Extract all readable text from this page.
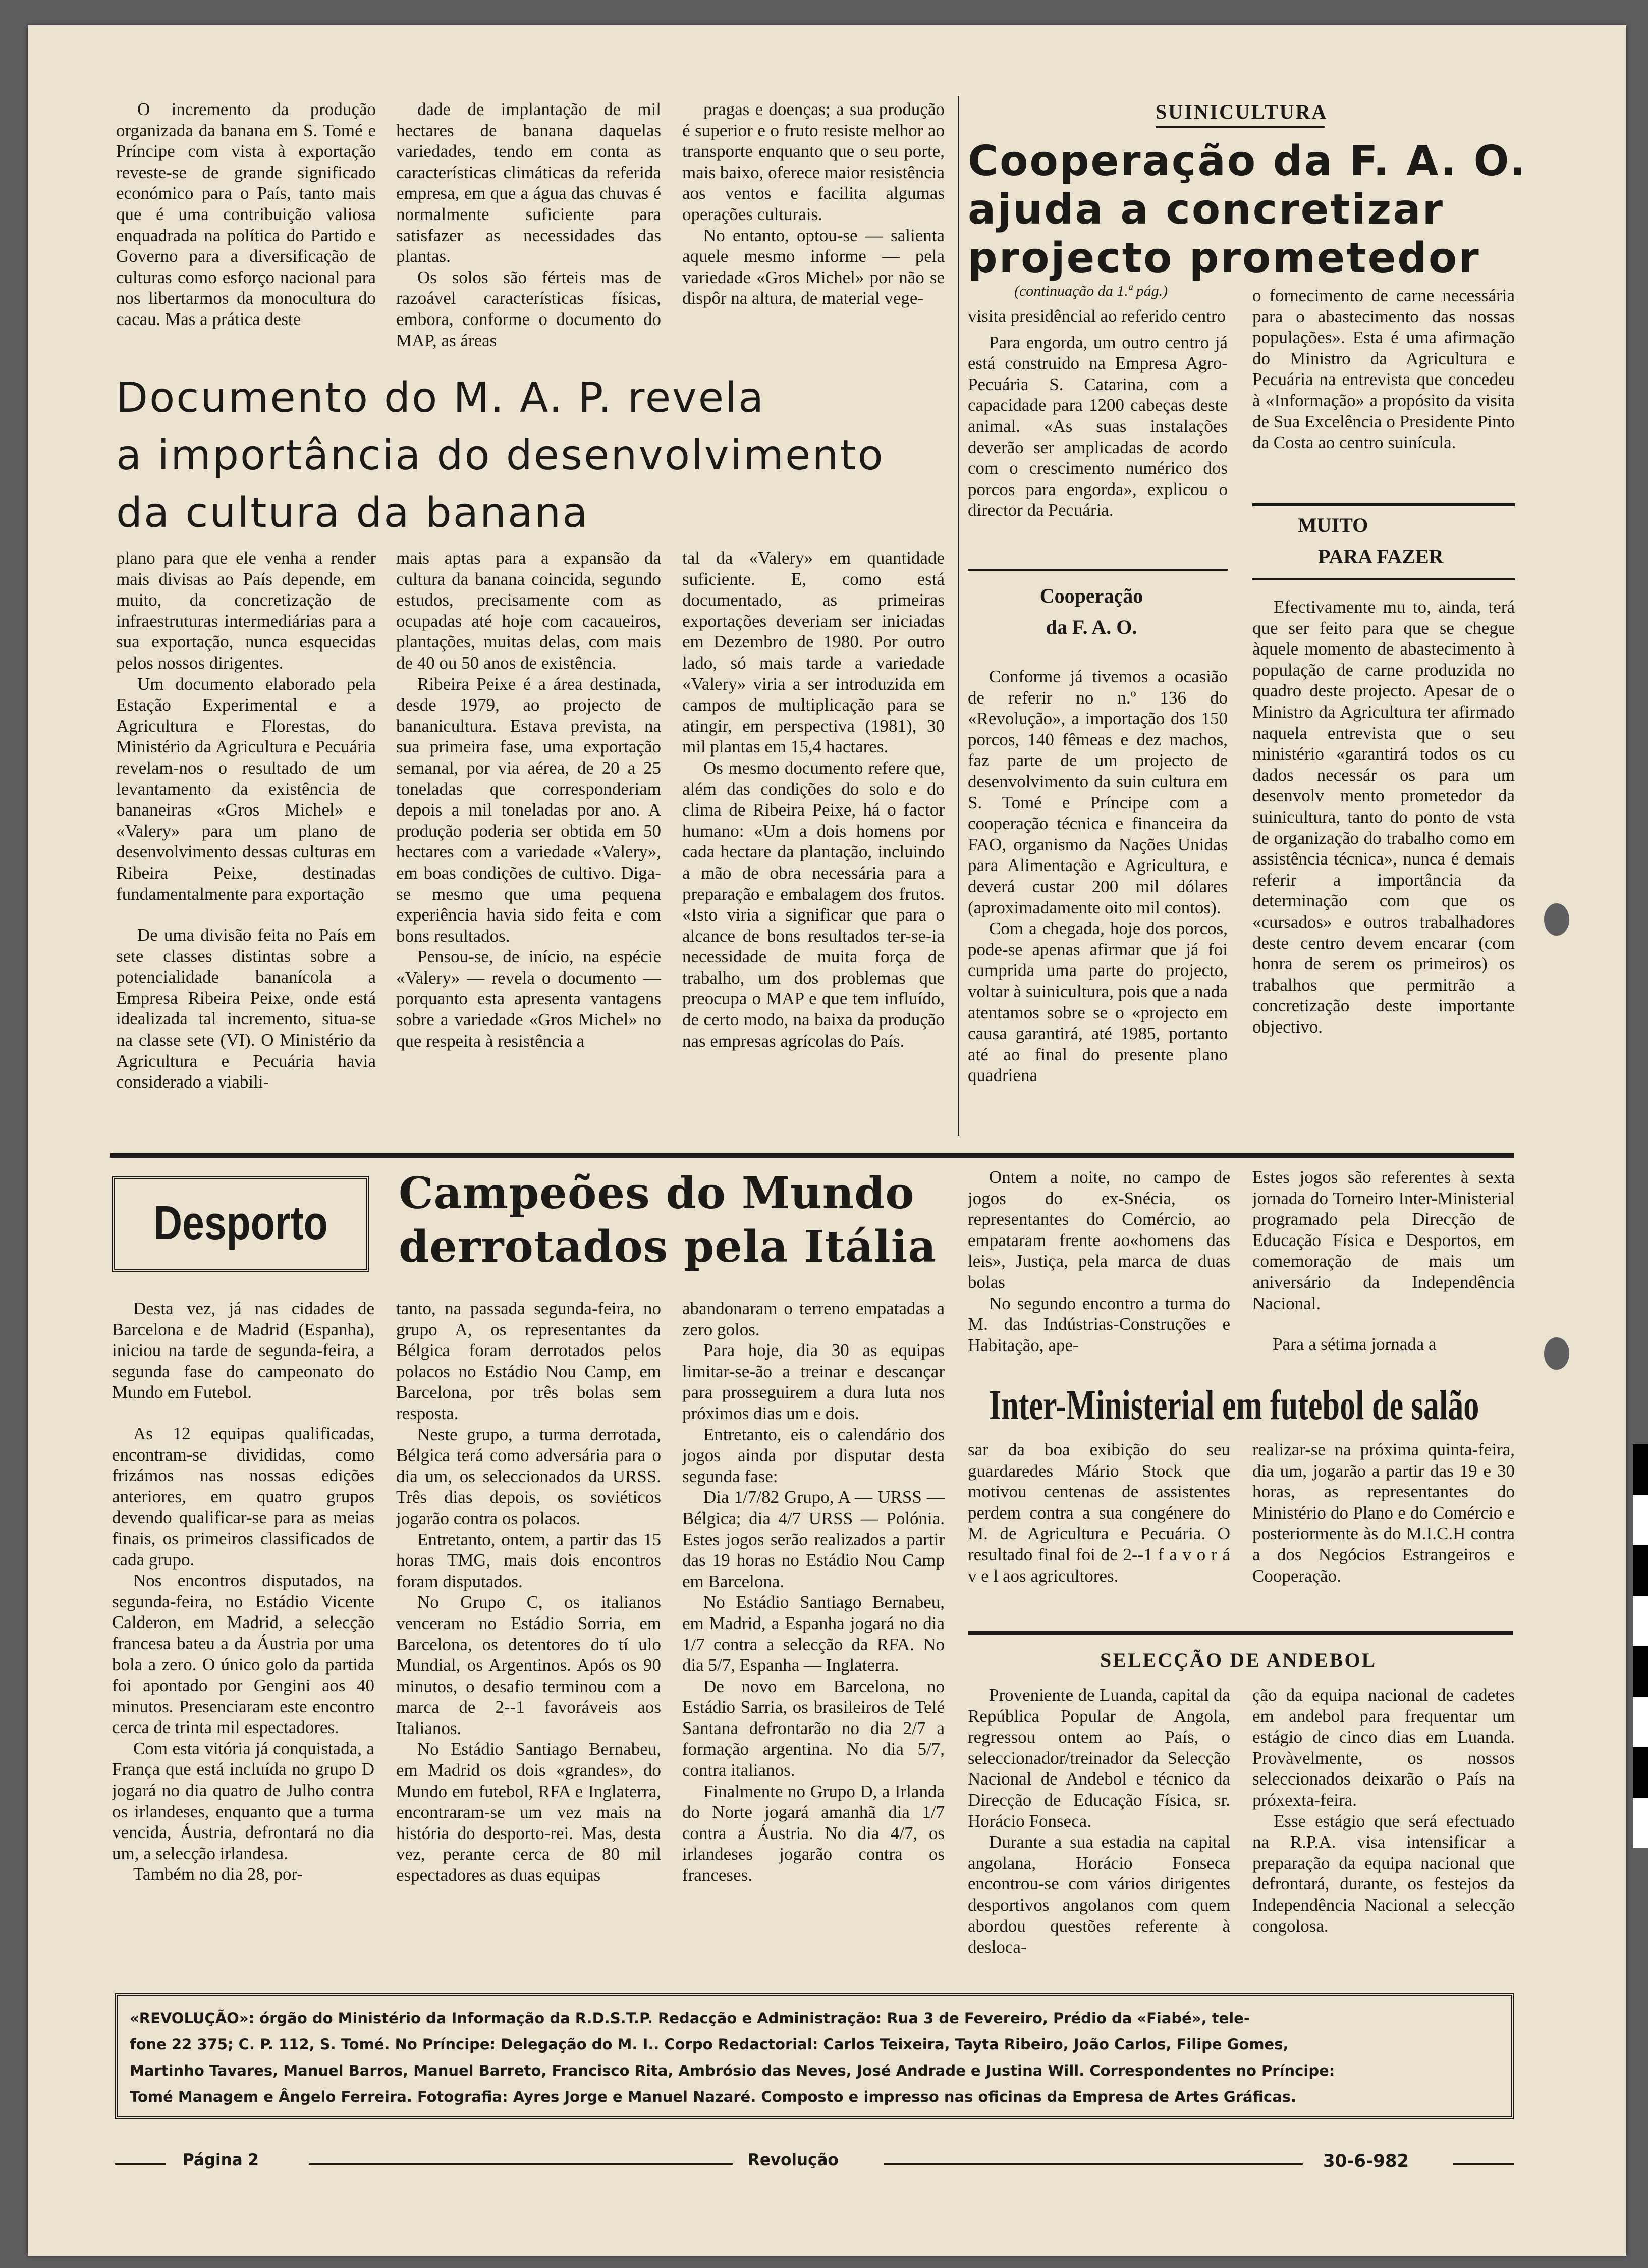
O incremento da produção organizada da banana em S. Tomé e Príncipe com vista à exportação reveste-se de grande significado económico para o País, tanto mais que é uma contribuição valiosa enquadrada na política do Partido e Governo para a diversificação de culturas como esforço nacional para nos libertarmos da monocultura do cacau. Mas a prática deste

dade de implantação de mil hectares de banana daquelas variedades, tendo em conta as características climáticas da referida empresa, em que a água das chuvas é normalmente suficiente para satisfazer as necessidades das plantas.

Os solos são férteis mas de razoável características físicas, embora, conforme o documento do MAP, as áreas

pragas e doenças; a sua produção é superior e o fruto resiste melhor ao transporte enquanto que o seu porte, mais baixo, oferece maior resistência aos ventos e facilita algumas operações culturais.

No entanto, optou-se — salienta aquele mesmo informe — pela variedade «Gros Michel» por não se dispôr na altura, de material vege-

Documento do M. A. P. revela
a importância do desenvolvimento
da cultura da banana

plano para que ele venha a render mais divisas ao País depende, em muito, da concretização de infraestruturas intermediárias para a sua exportação, nunca esquecidas pelos nossos dirigentes.

Um documento elaborado pela Estação Experimental e a Agricultura e Florestas, do Ministério da Agricultura e Pecuária revelam-nos o resultado de um levantamento da existência de bananeiras «Gros Michel» e «Valery» para um plano de desenvolvimento dessas culturas em Ribeira Peixe, destinadas fundamentalmente para exportação

De uma divisão feita no País em sete classes distintas sobre a potencialidade bananícola a Empresa Ribeira Peixe, onde está idealizada tal incremento, situa-se na classe sete (VI). O Ministério da Agricultura e Pecuária havia considerado a viabili-

mais aptas para a expansão da cultura da banana coincida, segundo estudos, precisamente com as ocupadas até hoje com cacaueiros, plantações, muitas delas, com mais de 40 ou 50 anos de existência.

Ribeira Peixe é a área destinada, desde 1979, ao projecto de bananicultura. Estava prevista, na sua primeira fase, uma exportação semanal, por via aérea, de 20 a 25 toneladas que corresponderiam depois a mil toneladas por ano. A produção poderia ser obtida em 50 hectares com a variedade «Valery», em boas condições de cultivo. Diga-se mesmo que uma pequena experiência havia sido feita e com bons resultados.

Pensou-se, de início, na espécie «Valery» — revela o documento — porquanto esta apresenta vantagens sobre a variedade «Gros Michel» no que respeita à resistência a

tal da «Valery» em quantidade suficiente. E, como está documentado, as primeiras exportações deveriam ser iniciadas em Dezembro de 1980. Por outro lado, só mais tarde a variedade «Valery» viria a ser introduzida em campos de multiplicação para se atingir, em perspectiva (1981), 30 mil plantas em 15,4 hactares.

Os mesmo documento refere que, além das condições do solo e do clima de Ribeira Peixe, há o factor humano: «Um a dois homens por cada hectare da plantação, incluindo a mão de obra necessária para a preparação e embalagem dos frutos. «Isto viria a significar que para o alcance de bons resultados ter-se-ia necessidade de muita força de trabalho, um dos problemas que preocupa o MAP e que tem influído, de certo modo, na baixa da produção nas empresas agrícolas do País.

SUINICULTURA
Cooperação da F. A. O.
ajuda a concretizar
projecto prometedor
(continuação da 1.ª pág.)

visita presidêncial ao referido centro

Para engorda, um outro centro já está construido na Empresa Agro-Pecuária S. Catarina, com a capacidade para 1200 cabeças deste animal. «As suas instalações deverão ser amplicadas de acordo com o crescimento numérico dos porcos para engorda», explicou o director da Pecuária.

Cooperação
da F. A. O.

Conforme já tivemos a ocasião de referir no n.º 136 do «Revolução», a importação dos 150 porcos, 140 fêmeas e dez machos, faz parte de um projecto de desenvolvimento da suin cultura em S. Tomé e Príncipe com a cooperação técnica e financeira da FAO, organismo da Nações Unidas para Alimentação e Agricultura, e deverá custar 200 mil dólares (aproximadamente oito mil contos).

Com a chegada, hoje dos porcos, pode-se apenas afirmar que já foi cumprida uma parte do projecto, voltar à suinicultura, pois que a nada atentamos sobre se o «projecto em causa garantirá, até 1985, portanto até ao final do presente plano quadriena

o fornecimento de carne necessária para o abastecimento das nossas populações». Esta é uma afirmação do Ministro da Agricultura e Pecuária na entrevista que concedeu à «Informação» a propósito da visita de Sua Excelência o Presidente Pinto da Costa ao centro suinícula.

MUITO
PARA FAZER

Efectivamente mu to, ainda, terá que ser feito para que se chegue àquele momento de abastecimento à população de carne produzida no quadro deste projecto. Apesar de o Ministro da Agricultura ter afirmado naquela entrevista que o seu ministério «garantirá todos os cu dados necessár os para um desenvolv mento prometedor da suinicultura, tanto do ponto de vsta de organização do trabalho como em assistência técnica», nunca é demais referir a importância da determinação com que os «cursados» e outros trabalhadores deste centro devem encarar (com honra de serem os primeiros) os trabalhos que permitrão a concretização deste importante objectivo.

Desporto
Campeões do Mundo
derrotados pela Itália

Desta vez, já nas cidades de Barcelona e de Madrid (Espanha), iniciou na tarde de segunda-feira, a segunda fase do campeonato do Mundo em Futebol.

As 12 equipas qualificadas, encontram-se divididas, como frizámos nas nossas edições anteriores, em quatro grupos devendo qualificar-se para as meias finais, os primeiros classificados de cada grupo.

Nos encontros disputados, na segunda-feira, no Estádio Vicente Calderon, em Madrid, a selecção francesa bateu a da Áustria por uma bola a zero. O único golo da partida foi apontado por Gengini aos 40 minutos. Presenciaram este encontro cerca de trinta mil espectadores.

Com esta vitória já conquistada, a França que está incluída no grupo D jogará no dia quatro de Julho contra os irlandeses, enquanto que a turma vencida, Áustria, defrontará no dia um, a selecção irlandesa.

Também no dia 28, por-

tanto, na passada segunda-feira, no grupo A, os representantes da Bélgica foram derrotados pelos polacos no Estádio Nou Camp, em Barcelona, por três bolas sem resposta.

Neste grupo, a turma derrotada, Bélgica terá como adversária para o dia um, os seleccionados da URSS. Três dias depois, os soviéticos jogarão contra os polacos.

Entretanto, ontem, a partir das 15 horas TMG, mais dois encontros foram disputados.

No Grupo C, os italianos venceram no Estádio Sorria, em Barcelona, os detentores do tí ulo Mundial, os Argentinos. Após os 90 minutos, o desafio terminou com a marca de 2--1 favoráveis aos Italianos.

No Estádio Santiago Bernabeu, em Madrid os dois «grandes», do Mundo em futebol, RFA e Inglaterra, encontraram-se um vez mais na história do desporto-rei. Mas, desta vez, perante cerca de 80 mil espectadores as duas equipas

abandonaram o terreno empatadas a zero golos.

Para hoje, dia 30 as equipas limitar-se-ão a treinar e descançar para prosseguirem a dura luta nos próximos dias um e dois.

Entretanto, eis o calendário dos jogos ainda por disputar desta segunda fase:

Dia 1/7/82 Grupo, A — URSS — Bélgica; dia 4/7 URSS — Polónia. Estes jogos serão realizados a partir das 19 horas no Estádio Nou Camp em Barcelona.

No Estádio Santiago Bernabeu, em Madrid, a Espanha jogará no dia 1/7 contra a selecção da RFA. No dia 5/7, Espanha — Inglaterra.

De novo em Barcelona, no Estádio Sarria, os brasileiros de Telé Santana defrontarão no dia 2/7 a formação argentina. No dia 5/7, contra italianos.

Finalmente no Grupo D, a Irlanda do Norte jogará amanhã dia 1/7 contra a Áustria. No dia 4/7, os irlandeses jogarão contra os franceses.

Ontem a noite, no campo de jogos do ex-Snécia, os representantes do Comércio, ao empataram frente ao«homens das leis», Justiça, pela marca de duas bolas

No segundo encontro a turma do M. das Indústrias-Construções e Habitação, ape-

Estes jogos são referentes à sexta jornada do Torneiro Inter-Ministerial programado pela Direcção de Educação Física e Desportos, em comemoração de mais um aniversário da Independência Nacional.

Para a sétima jornada a

Inter-Ministerial em futebol de salão

sar da boa exibição do seu guardaredes Mário Stock que motivou centenas de assistentes perdem contra a sua congénere do M. de Agricultura e Pecuária. O resultado final foi de 2--1 f a v o r á v e l aos agricultores.

realizar-se na próxima quinta-feira, dia um, jogarão a partir das 19 e 30 horas, as representantes do Ministério do Plano e do Comércio e posteriormente às do M.I.C.H contra a dos Negócios Estrangeiros e Cooperação.

SELECÇÃO DE ANDEBOL

Proveniente de Luanda, capital da República Popular de Angola, regressou ontem ao País, o seleccionador/treinador da Selecção Nacional de Andebol e técnico da Direcção de Educação Física, sr. Horácio Fonseca.

Durante a sua estadia na capital angolana, Horácio Fonseca encontrou-se com vários dirigentes desportivos angolanos com quem abordou questões referente à desloca-

ção da equipa nacional de cadetes em andebol para frequentar um estágio de cinco dias em Luanda. Provàvelmente, os nossos seleccionados deixarão o País na próxexta-feira.

Esse estágio que será efectuado na R.P.A. visa intensificar a preparação da equipa nacional que defrontará, durante, os festejos da Independência Nacional a selecção congolosa.

«REVOLUÇÃO»: órgão do Ministério da Informação da R.D.S.T.P. Redacção e Administração: Rua 3 de Fevereiro, Prédio da «Fiabé», tele-
fone 22 375; C. P. 112, S. Tomé. No Príncipe: Delegação do M. I.. Corpo Redactorial: Carlos Teixeira, Tayta Ribeiro, João Carlos, Filipe Gomes,
Martinho Tavares, Manuel Barros, Manuel Barreto, Francisco Rita, Ambrósio das Neves, José Andrade e Justina Will. Correspondentes no Príncipe:
Tomé Managem e Ângelo Ferreira. Fotografia: Ayres Jorge e Manuel Nazaré. Composto e impresso nas oficinas da Empresa de Artes Gráficas.
Página 2	Revolução	30-6-982
